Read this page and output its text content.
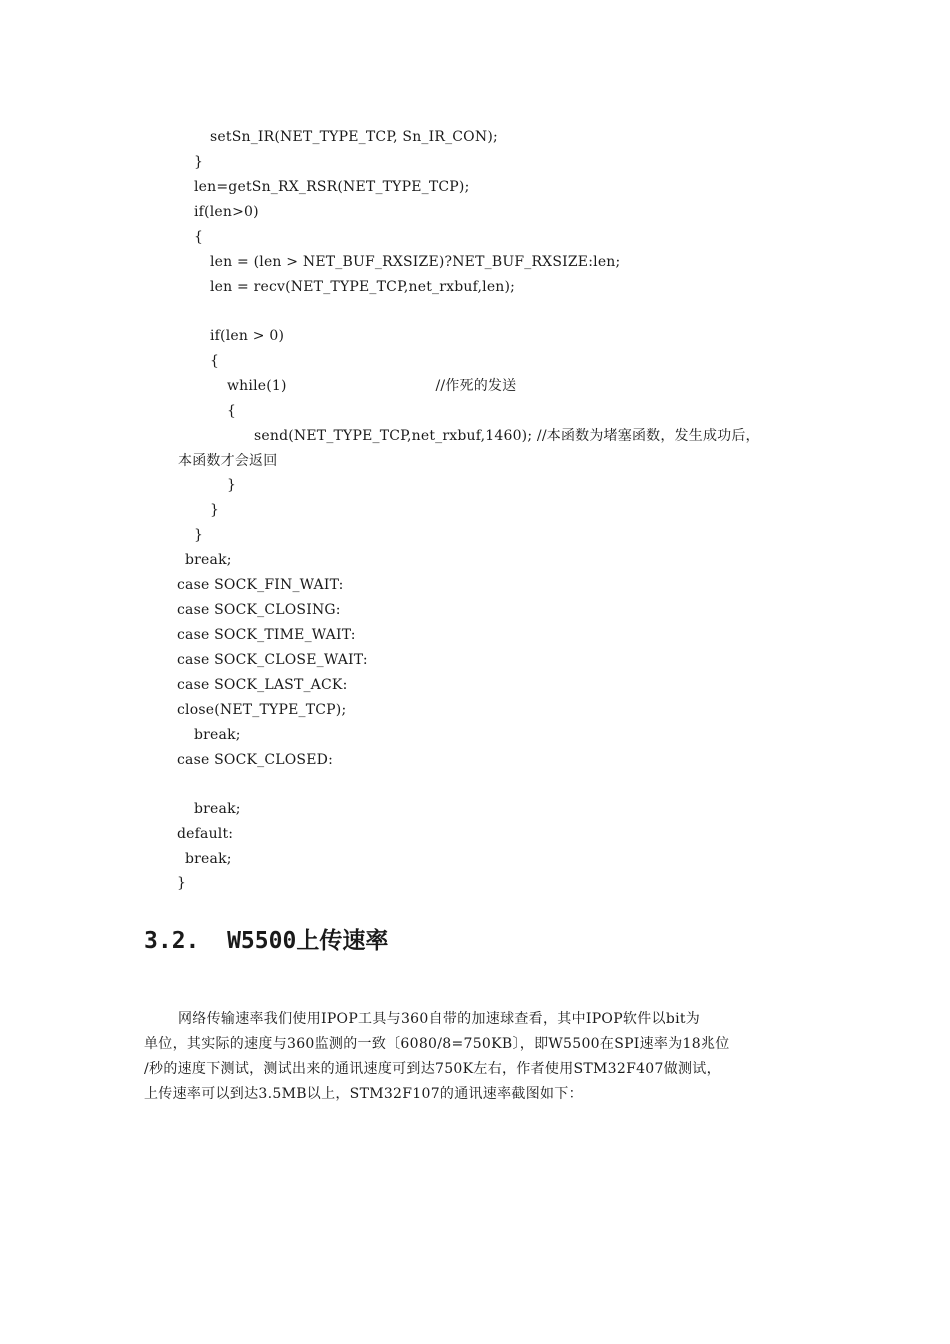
setSn_IR(NET_TYPE_TCP, Sn_IR_CON);
}
len=getSn_RX_RSR(NET_TYPE_TCP);
if(len>0)
{
len = (len > NET_BUF_RXSIZE)?NET_BUF_RXSIZE:len;
len = recv(NET_TYPE_TCP,net_rxbuf,len);
if(len > 0)
{
while(1)                                //作死的发送
{
send(NET_TYPE_TCP,net_rxbuf,1460); //本函数为堵塞函数，发生成功后，
本函数才会返回
}
}
}
break;
case SOCK_FIN_WAIT:
case SOCK_CLOSING:
case SOCK_TIME_WAIT:
case SOCK_CLOSE_WAIT:
case SOCK_LAST_ACK:
close(NET_TYPE_TCP);
break;
case SOCK_CLOSED:
break;
default:
break;
}
3.2.  W5500上传速率
网络传输速率我们使用IPOP工具与360自带的加速球查看，其中IPOP软件以bit为
单位，其实际的速度与360监测的一致〔6080/8=750KB〕，即W5500在SPI速率为18兆位
/秒的速度下测试，测试出来的通讯速度可到达750K左右，作者使用STM32F407做测试，
上传速率可以到达3.5MB以上，STM32F107的通讯速率截图如下：
